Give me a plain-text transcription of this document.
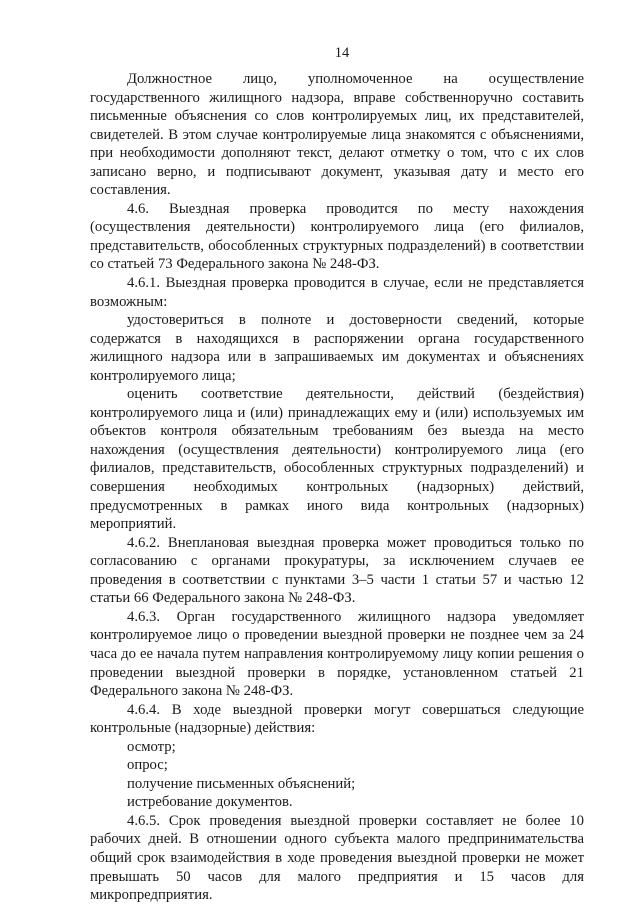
14

Должностное лицо, уполномоченное на осуществление государственного жилищного надзора, вправе собственноручно составить письменные объяснения со слов контролируемых лиц, их представителей, свидетелей. В этом случае контролируемые лица знакомятся с объяснениями, при необходимости дополняют текст, делают отметку о том, что с их слов записано верно, и подписывают документ, указывая дату и место его составления.

4.6. Выездная проверка проводится по месту нахождения (осуществления деятельности) контролируемого лица (его филиалов, представительств, обособленных структурных подразделений) в соответствии со статьей 73 Федерального закона № 248-ФЗ.

4.6.1. Выездная проверка проводится в случае, если не представляется возможным:

удостовериться в полноте и достоверности сведений, которые содержатся в находящихся в распоряжении органа государственного жилищного надзора или в запрашиваемых им документах и объяснениях контролируемого лица;

оценить соответствие деятельности, действий (бездействия) контролируемого лица и (или) принадлежащих ему и (или) используемых им объектов контроля обязательным требованиям без выезда на место нахождения (осуществления деятельности) контролируемого лица (его филиалов, представительств, обособленных структурных подразделений) и совершения необходимых контрольных (надзорных) действий, предусмотренных в рамках иного вида контрольных (надзорных) мероприятий.

4.6.2. Внеплановая выездная проверка может проводиться только по согласованию с органами прокуратуры, за исключением случаев ее проведения в соответствии с пунктами 3–5 части 1 статьи 57 и частью 12 статьи 66 Федерального закона № 248-ФЗ.

4.6.3. Орган государственного жилищного надзора уведомляет контролируемое лицо о проведении выездной проверки не позднее чем за 24 часа до ее начала путем направления контролируемому лицу копии решения о проведении выездной проверки в порядке, установленном статьей 21 Федерального закона № 248-ФЗ.

4.6.4. В ходе выездной проверки могут совершаться следующие контрольные (надзорные) действия:

осмотр;

опрос;

получение письменных объяснений;

истребование документов.

4.6.5. Срок проведения выездной проверки составляет не более 10 рабочих дней. В отношении одного субъекта малого предпринимательства общий срок взаимодействия в ходе проведения выездной проверки не может превышать 50 часов для малого предприятия и 15 часов для микропредприятия.
